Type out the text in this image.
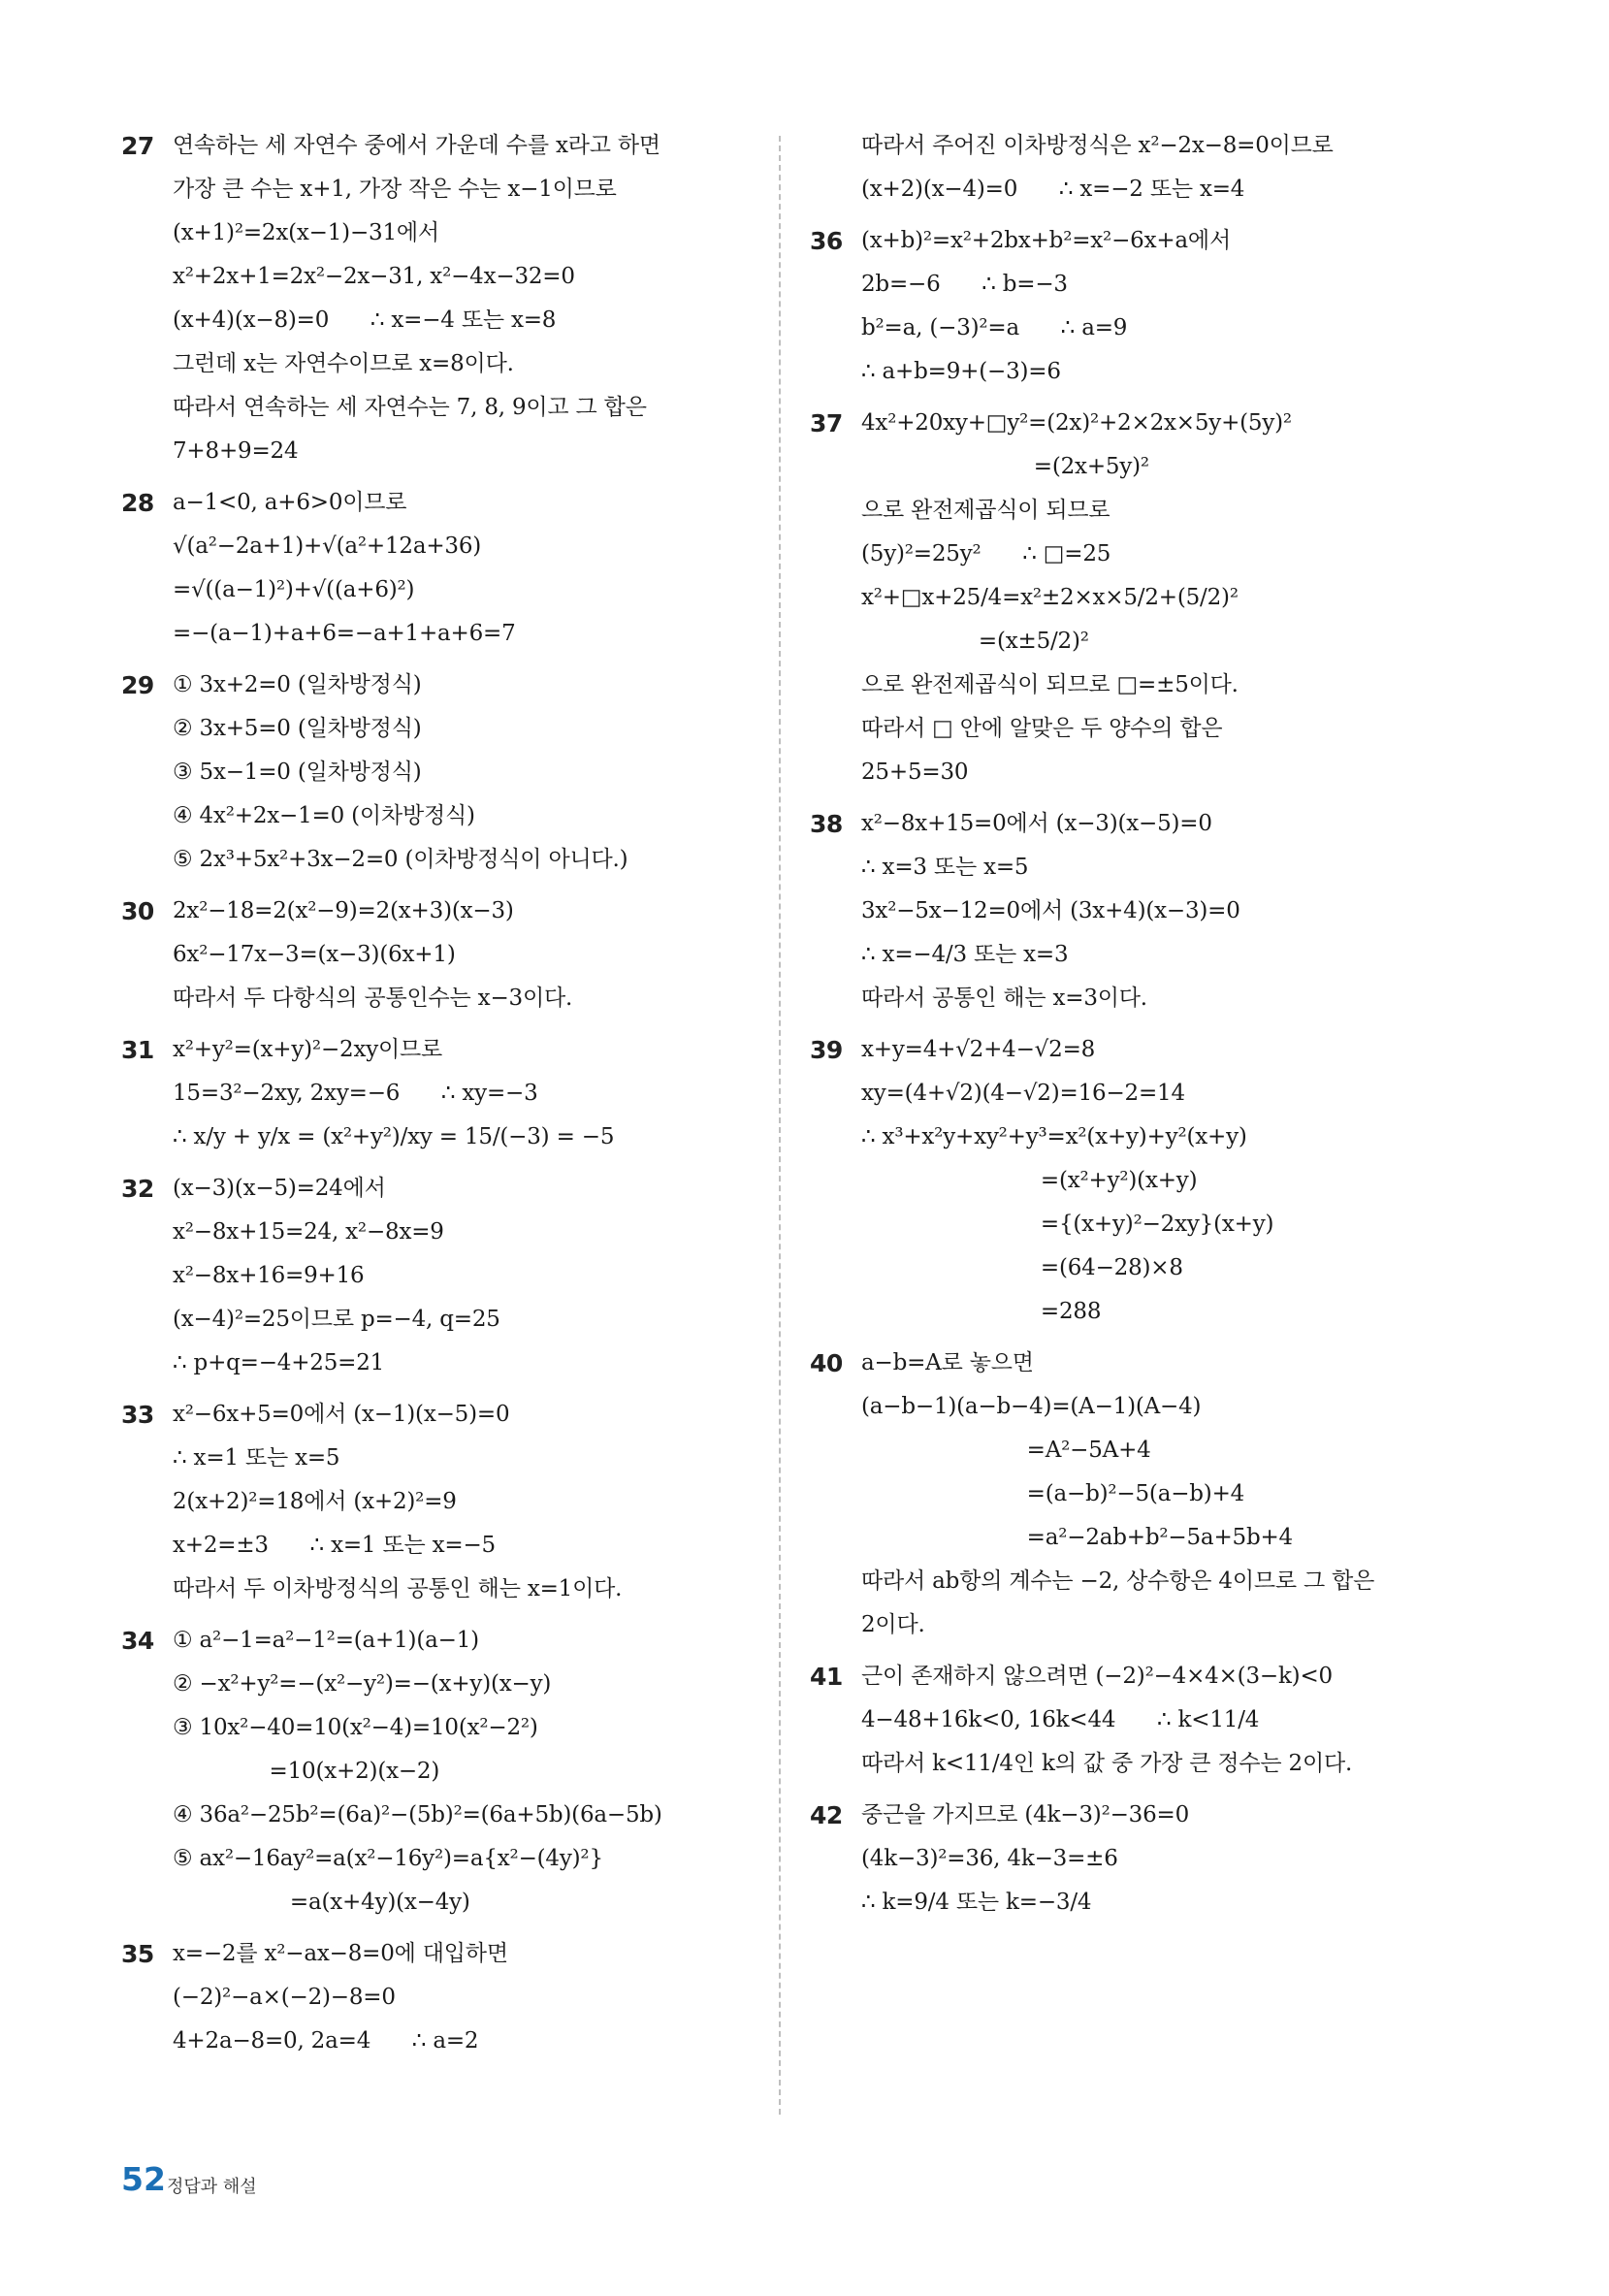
27 연속하는 세 자연수 중에서 가운데 수를 x라고 하면
가장 큰 수는 x+1, 가장 작은 수는 x−1이므로
(x+1)²=2x(x−1)−31에서
x²+2x+1=2x²−2x−31, x²−4x−32=0
(x+4)(x−8)=0      ∴ x=−4 또는 x=8
그런데 x는 자연수이므로 x=8이다.
따라서 연속하는 세 자연수는 7, 8, 9이고 그 합은
7+8+9=24
28 a−1<0, a+6>0이므로
√(a²−2a+1)+√(a²+12a+36)
=√((a−1)²)+√((a+6)²)
=−(a−1)+a+6=−a+1+a+6=7
29 ① 3x+2=0 (일차방정식)
② 3x+5=0 (일차방정식)
③ 5x−1=0 (일차방정식)
④ 4x²+2x−1=0 (이차방정식)
⑤ 2x³+5x²+3x−2=0 (이차방정식이 아니다.)
30 2x²−18=2(x²−9)=2(x+3)(x−3)
6x²−17x−3=(x−3)(6x+1)
따라서 두 다항식의 공통인수는 x−3이다.
31 x²+y²=(x+y)²−2xy이므로
15=3²−2xy, 2xy=−6      ∴ xy=−3
∴ x/y + y/x = (x²+y²)/xy = 15/(−3) = −5
32 (x−3)(x−5)=24에서
x²−8x+15=24, x²−8x=9
x²−8x+16=9+16
(x−4)²=25이므로 p=−4, q=25
∴ p+q=−4+25=21
33 x²−6x+5=0에서 (x−1)(x−5)=0
∴ x=1 또는 x=5
2(x+2)²=18에서 (x+2)²=9
x+2=±3      ∴ x=1 또는 x=−5
따라서 두 이차방정식의 공통인 해는 x=1이다.
34 ① a²−1=a²−1²=(a+1)(a−1)
② −x²+y²=−(x²−y²)=−(x+y)(x−y)
③ 10x²−40=10(x²−4)=10(x²−2²)
=10(x+2)(x−2)
④ 36a²−25b²=(6a)²−(5b)²=(6a+5b)(6a−5b)
⑤ ax²−16ay²=a(x²−16y²)=a{x²−(4y)²}
=a(x+4y)(x−4y)
35 x=−2를 x²−ax−8=0에 대입하면
(−2)²−a×(−2)−8=0
4+2a−8=0, 2a=4      ∴ a=2
따라서 주어진 이차방정식은 x²−2x−8=0이므로
(x+2)(x−4)=0      ∴ x=−2 또는 x=4
36 (x+b)²=x²+2bx+b²=x²−6x+a에서
2b=−6      ∴ b=−3
b²=a, (−3)²=a      ∴ a=9
∴ a+b=9+(−3)=6
37 4x²+20xy+□y²=(2x)²+2×2x×5y+(5y)²
=(2x+5y)²
으로 완전제곱식이 되므로
(5y)²=25y²      ∴ □=25
x²+□x+25/4=x²±2×x×5/2+(5/2)²
=(x±5/2)²
으로 완전제곱식이 되므로 □=±5이다.
따라서 □ 안에 알맞은 두 양수의 합은
25+5=30
38 x²−8x+15=0에서 (x−3)(x−5)=0
∴ x=3 또는 x=5
3x²−5x−12=0에서 (3x+4)(x−3)=0
∴ x=−4/3 또는 x=3
따라서 공통인 해는 x=3이다.
39 x+y=4+√2+4−√2=8
xy=(4+√2)(4−√2)=16−2=14
∴ x³+x²y+xy²+y³=x²(x+y)+y²(x+y)
=(x²+y²)(x+y)
={(x+y)²−2xy}(x+y)
=(64−28)×8
=288
40 a−b=A로 놓으면
(a−b−1)(a−b−4)=(A−1)(A−4)
=A²−5A+4
=(a−b)²−5(a−b)+4
=a²−2ab+b²−5a+5b+4
따라서 ab항의 계수는 −2, 상수항은 4이므로 그 합은
2이다.
41 근이 존재하지 않으려면 (−2)²−4×4×(3−k)<0
4−48+16k<0, 16k<44      ∴ k<11/4
따라서 k<11/4인 k의 값 중 가장 큰 정수는 2이다.
42 중근을 가지므로 (4k−3)²−36=0
(4k−3)²=36, 4k−3=±6
∴ k=9/4 또는 k=−3/4
52 정답과 해설
